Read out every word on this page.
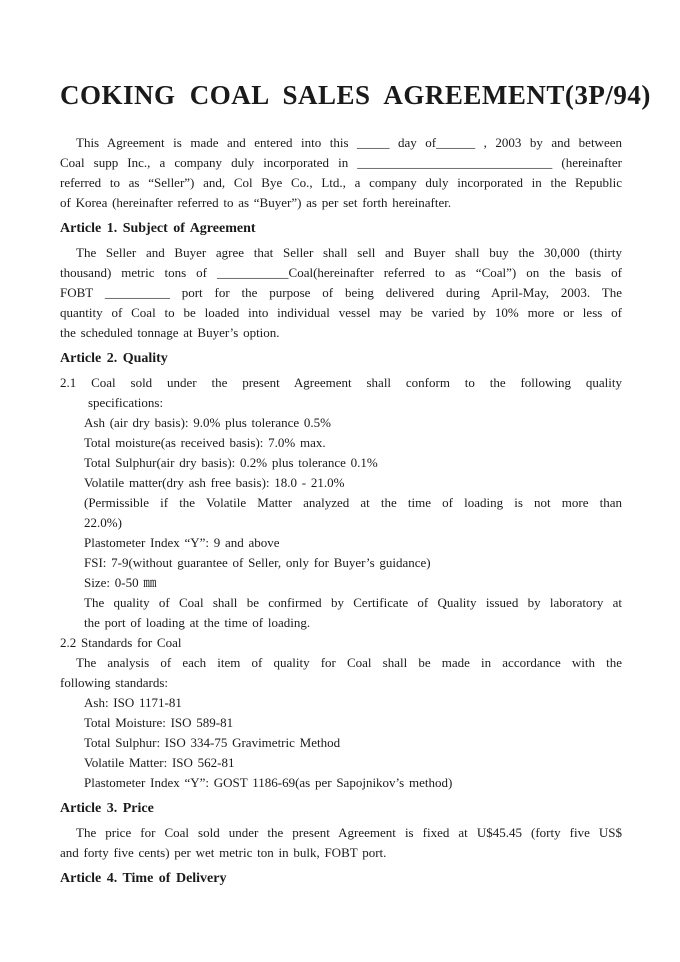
COKING COAL SALES AGREEMENT(3P/94)
This Agreement is made and entered into this _____ day of______ , 2003 by and between
Coal supp Inc., a company duly incorporated in ______________________________ (hereinafter
referred to as “Seller”) and, Col Bye Co., Ltd., a company duly incorporated in the Republic
of Korea (hereinafter referred to as “Buyer”) as per set forth hereinafter.
Article 1. Subject of Agreement
The Seller and Buyer agree that Seller shall sell and Buyer shall buy the 30,000 (thirty
thousand) metric tons of ___________Coal(hereinafter referred to as “Coal”) on the basis of
FOBT __________ port for the purpose of being delivered during April-May, 2003. The
quantity of Coal to be loaded into individual vessel may be varied by 10% more or less of
the scheduled tonnage at Buyer’s option.
Article 2. Quality
2.1 Coal sold under the present Agreement shall conform to the following quality
specifications:
Ash (air dry basis): 9.0% plus tolerance 0.5%
Total moisture(as received basis): 7.0% max.
Total Sulphur(air dry basis): 0.2% plus tolerance 0.1%
Volatile matter(dry ash free basis): 18.0 - 21.0%
(Permissible if the Volatile Matter analyzed at the time of loading is not more than
22.0%)
Plastometer Index “Y”: 9 and above
FSI: 7-9(without guarantee of Seller, only for Buyer’s guidance)
Size: 0-50 ㎜
The quality of Coal shall be confirmed by Certificate of Quality issued by laboratory at
the port of loading at the time of loading.
2.2 Standards for Coal
The analysis of each item of quality for Coal shall be made in accordance with the
following standards:
Ash: ISO 1171-81
Total Moisture: ISO 589-81
Total Sulphur: ISO 334-75 Gravimetric Method
Volatile Matter: ISO 562-81
Plastometer Index “Y”: GOST 1186-69(as per Sapojnikov’s method)
Article 3. Price
The price for Coal sold under the present Agreement is fixed at U$45.45 (forty five US$
and forty five cents) per wet metric ton in bulk, FOBT port.
Article 4. Time of Delivery
